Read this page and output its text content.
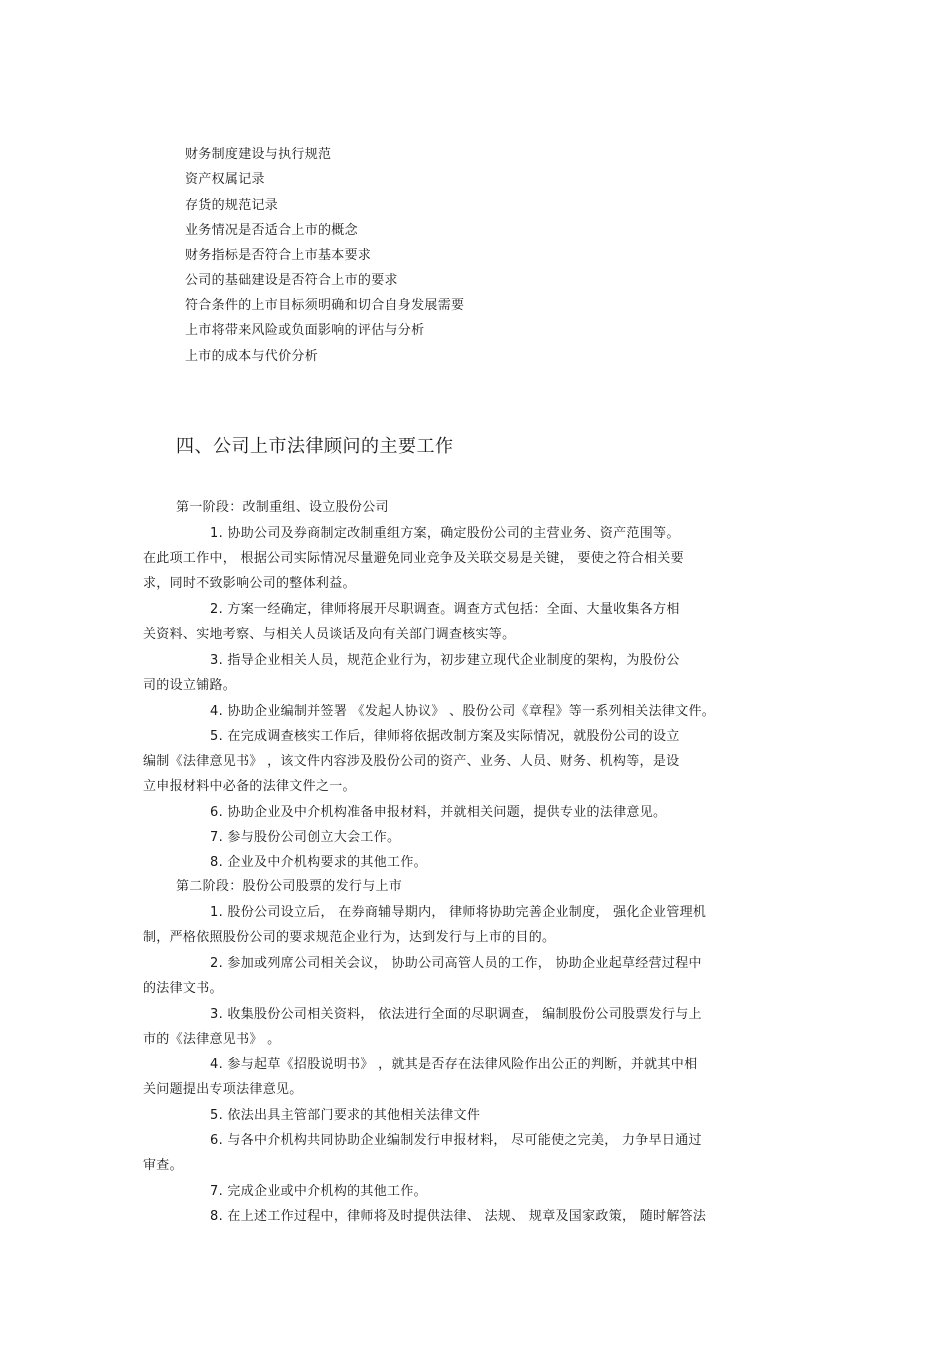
财务制度建设与执行规范
资产权属记录
存货的规范记录
业务情况是否适合上市的概念
财务指标是否符合上市基本要求
公司的基础建设是否符合上市的要求
符合条件的上市目标须明确和切合自身发展需要
上市将带来风险或负面影响的评估与分析
上市的成本与代价分析
四、公司上市法律顾问的主要工作
第一阶段：改制重组、设立股份公司
1. 协助公司及券商制定改制重组方案，确定股份公司的主营业务、资产范围等。
在此项工作中， 根据公司实际情况尽量避免同业竞争及关联交易是关键， 要使之符合相关要
求，同时不致影响公司的整体利益。
2. 方案一经确定，律师将展开尽职调查。调查方式包括：全面、大量收集各方相
关资料、实地考察、与相关人员谈话及向有关部门调查核实等。
3. 指导企业相关人员，规范企业行为，初步建立现代企业制度的架构，为股份公
司的设立铺路。
4. 协助企业编制并签署 《发起人协议》 、股份公司《章程》等一系列相关法律文件。
5. 在完成调查核实工作后，律师将依据改制方案及实际情况，就股份公司的设立
编制《法律意见书》 ，该文件内容涉及股份公司的资产、业务、人员、财务、机构等，是设
立申报材料中必备的法律文件之一。
6. 协助企业及中介机构准备申报材料，并就相关问题，提供专业的法律意见。
7. 参与股份公司创立大会工作。
8. 企业及中介机构要求的其他工作。
第二阶段：股份公司股票的发行与上市
1. 股份公司设立后， 在券商辅导期内， 律师将协助完善企业制度， 强化企业管理机
制，严格依照股份公司的要求规范企业行为，达到发行与上市的目的。
2. 参加或列席公司相关会议， 协助公司高管人员的工作， 协助企业起草经营过程中
的法律文书。
3. 收集股份公司相关资料， 依法进行全面的尽职调查， 编制股份公司股票发行与上
市的《法律意见书》 。
4. 参与起草《招股说明书》 ，就其是否存在法律风险作出公正的判断，并就其中相
关问题提出专项法律意见。
5. 依法出具主管部门要求的其他相关法律文件
6. 与各中介机构共同协助企业编制发行申报材料， 尽可能使之完美， 力争早日通过
审查。
7. 完成企业或中介机构的其他工作。
8. 在上述工作过程中，律师将及时提供法律、 法规、 规章及国家政策， 随时解答法
